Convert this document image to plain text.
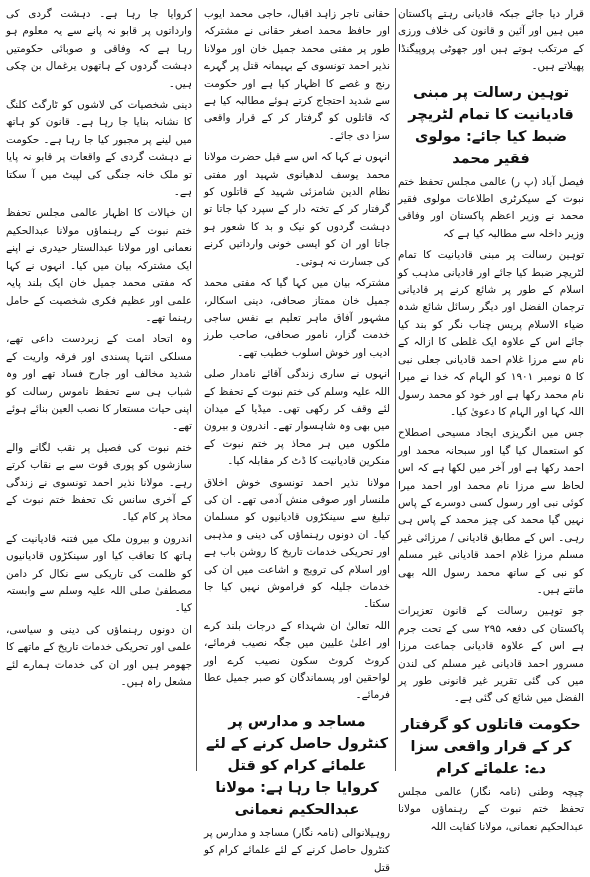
قرار دیا جائے جبکہ قادیانی رہتے پاکستان میں ہیں اور آئین و قانون کی خلاف ورزی کے مرتکب ہوتے ہیں اور جھوٹی پروپیگنڈا پھیلاتے ہیں۔

توہین رسالت پر مبنی قادیانیت کا تمام لٹریچر ضبط کیا جائے: مولوی فقیر محمد

فیصل آباد (پ ر) عالمی مجلس تحفظ ختم نبوت کے سیکرٹری اطلاعات مولوی فقیر محمد نے وزیر اعظم پاکستان اور وفاقی وزیر داخلہ سے مطالبہ کیا ہے کہ

توہین رسالت پر مبنی قادیانیت کا تمام لٹریچر ضبط کیا جائے اور قادیانی مذہب کو اسلام کے طور پر شائع کرنے پر قادیانی ترجمان الفضل اور دیگر رسائل شائع شدہ ضیاء الاسلام پریس چناب نگر کو بند کیا جائے اس کے علاوہ ایک غلطی کا ازالہ کے نام سے مرزا غلام احمد قادیانی جعلی نبی کا ۵ نومبر ۱۹۰۱ کو الہام کہ خدا نے میرا نام محمد رکھا ہے اور خود کو محمد رسول اللہ کہا اور الہام کا دعویٰ کیا۔

جس میں انگریزی ایجاد مسیحی اصطلاح کو استعمال کیا گیا اور سبحانہ محمد اور احمد رکھا ہے اور آخر میں لکھا ہے کہ اس لحاظ سے مرزا نام محمد اور احمد میرا کوئی نبی اور رسول کسی دوسرے کے پاس نہیں گیا محمد کی چیز محمد کے پاس ہی رہی۔ اس کے مطابق قادیانی / مرزائی غیر مسلم مرزا غلام احمد قادیانی غیر مسلم کو نبی کے ساتھ محمد رسول اللہ بھی مانتے ہیں۔

جو توہین رسالت کے قانون تعزیرات پاکستان کی دفعہ ۲۹۵ سی کے تحت جرم ہے اس کے علاوہ قادیانی جماعت مرزا مسرور احمد قادیانی غیر مسلم کی لندن میں کی گئی تقریر غیر قانونی طور پر الفضل میں شائع کی گئی ہے۔

حکومت قاتلوں کو گرفتار کر کے قرار واقعی سزا دے: علمائے کرام

چیچہ وطنی (نامہ نگار) عالمی مجلس تحفظ ختم نبوت کے رہنماؤں مولانا عبدالحکیم نعمانی، مولانا کفایت اللہ

حقانی تاجر زاہد اقبال، حاجی محمد ایوب اور حافظ محمد اصغر حقانی نے مشترکہ طور پر مفتی محمد جمیل خان اور مولانا نذیر احمد تونسوی کے بہیمانہ قتل پر گہرے رنج و غصے کا اظہار کیا ہے اور حکومت سے شدید احتجاج کرتے ہوئے مطالبہ کیا ہے کہ قاتلوں کو گرفتار کر کے قرار واقعی سزا دی جائے۔

انہوں نے کہا کہ اس سے قبل حضرت مولانا محمد یوسف لدھیانوی شہید اور مفتی نظام الدین شامزئی شہید کے قاتلوں کو گرفتار کر کے تختہ دار کے سپرد کیا جاتا تو دہشت گردوں کو نیک و بد کا شعور ہو جاتا اور ان کو ایسی خونی وارداتیں کرنے کی جسارت نہ ہوتی۔

مشترکہ بیان میں کہا گیا کہ مفتی محمد جمیل خان ممتاز صحافی، دینی اسکالر، مشہور آفاق ماہر تعلیم بے نفس ساجی خدمت گزار، نامور صحافی، صاحب طرز ادیب اور خوش اسلوب خطیب تھے۔

انہوں نے ساری زندگی آقائے نامدار صلی اللہ علیہ وسلم کی ختم نبوت کے تحفظ کے لئے وقف کر رکھی تھی۔ میڈیا کے میدان میں بھی وہ شاہسوار تھے۔ اندرون و بیرون ملکوں میں ہر محاذ پر ختم نبوت کے منکرین قادیانیت کا ڈٹ کر مقابلہ کیا۔

مولانا نذیر احمد تونسوی خوش اخلاق ملنسار اور صوفی منش آدمی تھے۔ ان کی تبلیغ سے سینکڑوں قادیانیوں کو مسلمان کیا۔ ان دونوں رہنماؤں کی دینی و مذہبی اور تحریکی خدمات تاریخ کا روشن باب ہے اور اسلام کی ترویج و اشاعت میں ان کی خدمات جلیلہ کو فراموش نہیں کیا جا سکتا۔

اللہ تعالیٰ ان شہداء کے درجات بلند کرے اور اعلیٰ علیین میں جگہ نصیب فرمائے، کروٹ کروٹ سکون نصیب کرے اور لواحقین اور پسماندگان کو صبر جمیل عطا فرمائے۔

مساجد و مدارس پر کنٹرول حاصل کرنے کے لئے علمائے کرام کو قتل کروایا جا رہا ہے: مولانا عبدالحکیم نعمانی

روہیلانوالی (نامہ نگار) مساجد و مدارس پر کنٹرول حاصل کرنے کے لئے علمائے کرام کو قتل

کروایا جا رہا ہے۔ دہشت گردی کی وارداتوں پر قابو نہ پانے سے یہ معلوم ہو رہا ہے کہ وفاقی و صوبائی حکومتیں دہشت گردوں کے ہاتھوں یرغمال بن چکی ہیں۔

دینی شخصیات کی لاشوں کو ٹارگٹ کلنگ کا نشانہ بنایا جا رہا ہے۔ قانون کو ہاتھ میں لینے پر مجبور کیا جا رہا ہے۔ حکومت نے دہشت گردی کے واقعات پر قابو نہ پایا تو ملک خانہ جنگی کی لپیٹ میں آ سکتا ہے۔

ان خیالات کا اظہار عالمی مجلس تحفظ ختم نبوت کے رہنماؤں مولانا عبدالحکیم نعمانی اور مولانا عبدالستار حیدری نے اپنے ایک مشترکہ بیان میں کیا۔ انہوں نے کہا کہ مفتی محمد جمیل خان ایک بلند پایہ علمی اور عظیم فکری شخصیت کے حامل رہنما تھے۔

وہ اتحاد امت کے زبردست داعی تھے، مسلکی انتہا پسندی اور فرقہ واریت کے شدید مخالف اور جارح فساد تھے اور وہ شباب ہی سے تحفظ ناموس رسالت کو اپنی حیات مستعار کا نصب العین بنائے ہوئے تھے۔

ختم نبوت کی فصیل پر نقب لگانے والے سازشوں کو پوری قوت سے بے نقاب کرتے رہے۔ مولانا نذیر احمد تونسوی نے زندگی کے آخری سانس تک تحفظ ختم نبوت کے محاذ پر کام کیا۔

اندرون و بیرون ملک میں فتنہ قادیانیت کے ہاتھ کا تعاقب کیا اور سینکڑوں قادیانیوں کو ظلمت کی تاریکی سے نکال کر دامن مصطفیٰ صلی اللہ علیہ وسلم سے وابستہ کیا۔

ان دونوں رہنماؤں کی دینی و سیاسی، علمی اور تحریکی خدمات تاریخ کے ماتھے کا جھومر ہیں اور ان کی خدمات ہمارے لئے مشعل راہ ہیں۔
